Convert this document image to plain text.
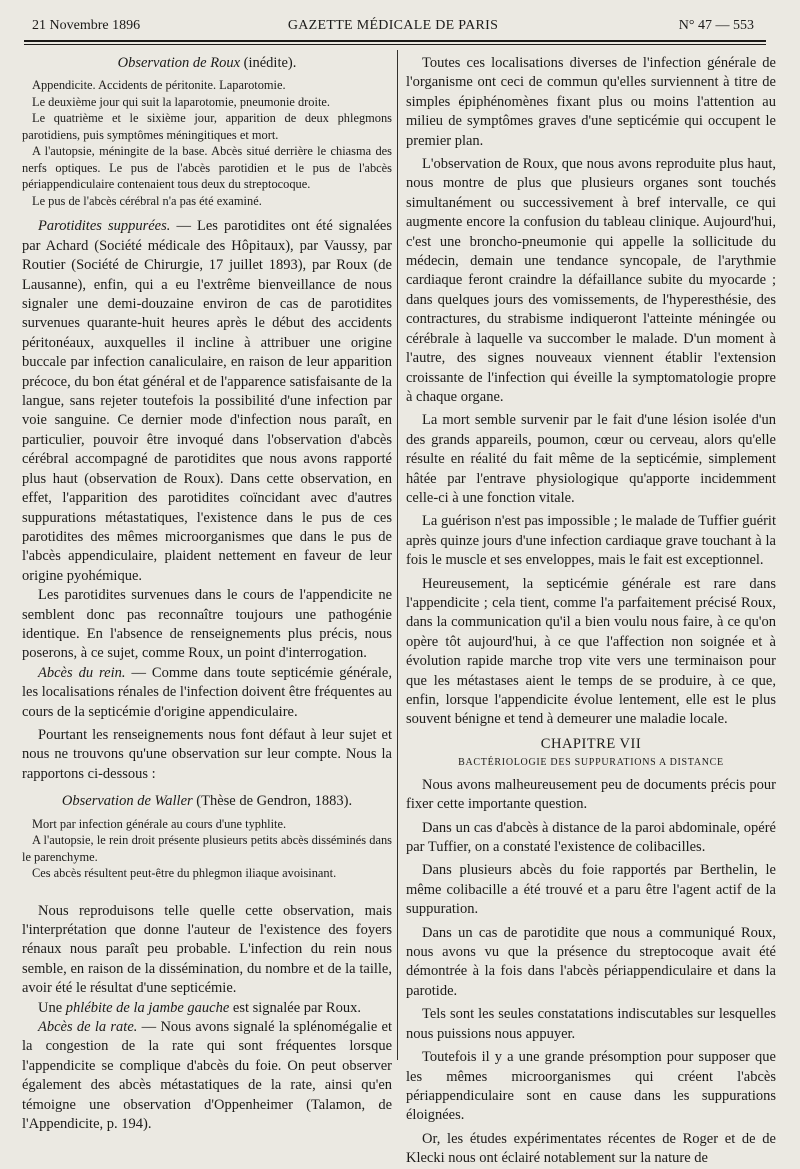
21 Novembre 1896	GAZETTE MÉDICALE DE PARIS	N° 47 — 553

Observation de Roux (inédite).

Appendicite. Accidents de péritonite. Laparotomie.

Le deuxième jour qui suit la laparotomie, pneumonie droite.

Le quatrième et le sixième jour, apparition de deux phlegmons parotidiens, puis symptômes méningitiques et mort.

A l'autopsie, méningite de la base. Abcès situé derrière le chiasma des nerfs optiques. Le pus de l'abcès parotidien et le pus de l'abcès périappendiculaire contenaient tous deux du streptocoque.

Le pus de l'abcès cérébral n'a pas été examiné.

Parotidites suppurées. — Les parotidites ont été signalées par Achard (Société médicale des Hôpitaux), par Vaussy, par Routier (Société de Chirurgie, 17 juillet 1893), par Roux (de Lausanne), enfin, qui a eu l'extrême bienveillance de nous signaler une demi-douzaine environ de cas de parotidites survenues quarante-huit heures après le début des accidents péritonéaux, auxquelles il incline à attribuer une origine buccale par infection canaliculaire, en raison de leur apparition précoce, du bon état général et de l'apparence satisfaisante de la langue, sans rejeter toutefois la possibilité d'une infection par voie sanguine. Ce dernier mode d'infection nous paraît, en particulier, pouvoir être invoqué dans l'observation d'abcès cérébral accompagné de parotidites que nous avons rapporté plus haut (observation de Roux). Dans cette observation, en effet, l'apparition des parotidites coïncidant avec d'autres suppurations métastatiques, l'existence dans le pus de ces parotidites des mêmes microorganismes que dans le pus de l'abcès appendiculaire, plaident nettement en faveur de leur origine pyohémique.

Les parotidites survenues dans le cours de l'appendicite ne semblent donc pas reconnaître toujours une pathogénie identique. En l'absence de renseignements plus précis, nous poserons, à ce sujet, comme Roux, un point d'interrogation.

Abcès du rein. — Comme dans toute septicémie générale, les localisations rénales de l'infection doivent être fréquentes au cours de la septicémie d'origine appendiculaire.

Pourtant les renseignements nous font défaut à leur sujet et nous ne trouvons qu'une observation sur leur compte. Nous la rapportons ci-dessous :

Observation de Waller (Thèse de Gendron, 1883).

Mort par infection générale au cours d'une typhlite.

A l'autopsie, le rein droit présente plusieurs petits abcès disséminés dans le parenchyme.

Ces abcès résultent peut-être du phlegmon iliaque avoisinant.

Nous reproduisons telle quelle cette observation, mais l'interprétation que donne l'auteur de l'existence des foyers rénaux nous paraît peu probable. L'infection du rein nous semble, en raison de la dissémination, du nombre et de la taille, avoir été le résultat d'une septicémie.

Une phlébite de la jambe gauche est signalée par Roux.

Abcès de la rate. — Nous avons signalé la splénomégalie et la congestion de la rate qui sont fréquentes lorsque l'appendicite se complique d'abcès du foie. On peut observer également des abcès métastatiques de la rate, ainsi qu'en témoigne une observation d'Oppenheimer (Talamon, de l'Appendicite, p. 194).

Toutes ces localisations diverses de l'infection générale de l'organisme ont ceci de commun qu'elles surviennent à titre de simples épiphénomènes fixant plus ou moins l'attention au milieu de symptômes graves d'une septicémie qui occupent le premier plan.

L'observation de Roux, que nous avons reproduite plus haut, nous montre de plus que plusieurs organes sont touchés simultanément ou successivement à bref intervalle, ce qui augmente encore la confusion du tableau clinique. Aujourd'hui, c'est une broncho-pneumonie qui appelle la sollicitude du médecin, demain une tendance syncopale, de l'arythmie cardiaque feront craindre la défaillance subite du myocarde ; dans quelques jours des vomissements, de l'hyperesthésie, des contractures, du strabisme indiqueront l'atteinte méningée ou cérébrale à laquelle va succomber le malade. D'un moment à l'autre, des signes nouveaux viennent établir l'extension croissante de l'infection qui éveille la symptomatologie propre à chaque organe.

La mort semble survenir par le fait d'une lésion isolée d'un des grands appareils, poumon, cœur ou cerveau, alors qu'elle résulte en réalité du fait même de la septicémie, simplement hâtée par l'entrave physiologique qu'apporte incidemment celle-ci à une fonction vitale.

La guérison n'est pas impossible ; le malade de Tuffier guérit après quinze jours d'une infection cardiaque grave touchant à la fois le muscle et ses enveloppes, mais le fait est exceptionnel.

Heureusement, la septicémie générale est rare dans l'appendicite ; cela tient, comme l'a parfaitement précisé Roux, dans la communication qu'il a bien voulu nous faire, à ce qu'on opère tôt aujourd'hui, à ce que l'affection non soignée et à évolution rapide marche trop vite vers une terminaison pour que les métastases aient le temps de se produire, à ce que, enfin, lorsque l'appendicite évolue lentement, elle est le plus souvent bénigne et tend à demeurer une maladie locale.

CHAPITRE VII

BACTÉRIOLOGIE DES SUPPURATIONS A DISTANCE

Nous avons malheureusement peu de documents précis pour fixer cette importante question.

Dans un cas d'abcès à distance de la paroi abdominale, opéré par Tuffier, on a constaté l'existence de colibacilles.

Dans plusieurs abcès du foie rapportés par Berthelin, le même colibacille a été trouvé et a paru être l'agent actif de la suppuration.

Dans un cas de parotidite que nous a communiqué Roux, nous avons vu que la présence du streptocoque avait été démontrée à la fois dans l'abcès périappendiculaire et dans la parotide.

Tels sont les seules constatations indiscutables sur lesquelles nous puissions nous appuyer.

Toutefois il y a une grande présomption pour supposer que les mêmes microorganismes qui créent l'abcès périappendiculaire sont en cause dans les suppurations éloignées.

Or, les études expérimentates récentes de Roger et de de Klecki nous ont éclairé notablement sur la nature de
